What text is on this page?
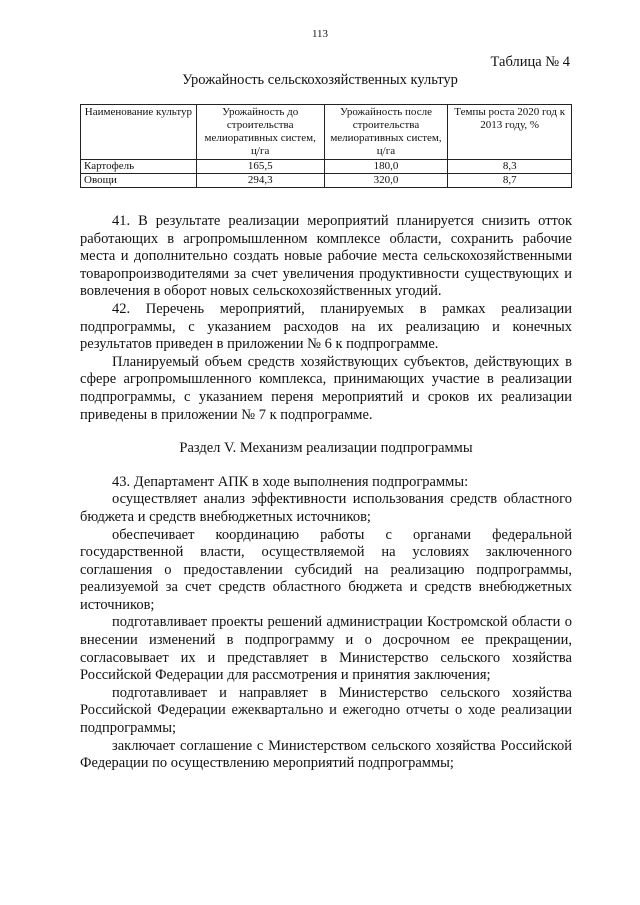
113
Таблица № 4
Урожайность сельскохозяйственных культур
Наименование культур	Урожайность до строительства мелиоративных систем, ц/га	Урожайность после строительства мелиоративных систем, ц/га	Темпы роста 2020 год к 2013 году, %
Картофель	165,5	180,0	8,3
Овощи	294,3	320,0	8,7

41. В результате реализации мероприятий планируется снизить отток работающих в агропромышленном комплексе области, сохранить рабочие места и дополнительно создать новые рабочие места сельскохозяйственными товаропроизводителями за счет увеличения продуктивности существующих и вовлечения в оборот новых сельскохозяйственных угодий.

42. Перечень мероприятий, планируемых в рамках реализации подпрограммы, с указанием расходов на их реализацию и конечных результатов приведен в приложении № 6 к подпрограмме.

Планируемый объем средств хозяйствующих субъектов, действующих в сфере агропромышленного комплекса, принимающих участие в реализации подпрограммы, с указанием переня мероприятий и сроков их реализации приведены в приложении № 7 к подпрограмме.

Раздел V. Механизм реализации подпрограммы

43. Департамент АПК в ходе выполнения подпрограммы:

осуществляет анализ эффективности использования средств областного бюджета и средств внебюджетных источников;

обеспечивает координацию работы с органами федеральной государственной власти, осуществляемой на условиях заключенного соглашения о предоставлении субсидий на реализацию подпрограммы, реализуемой за счет средств областного бюджета и средств внебюджетных источников;

подготавливает проекты решений администрации Костромской области о внесении изменений в подпрограмму и о досрочном ее прекращении, согласовывает их и представляет в Министерство сельского хозяйства Российской Федерации для рассмотрения и принятия заключения;

подготавливает и направляет в Министерство сельского хозяйства Российской Федерации ежеквартально и ежегодно отчеты о ходе реализации подпрограммы;

заключает соглашение с Министерством сельского хозяйства Российской Федерации по осуществлению мероприятий подпрограммы;
